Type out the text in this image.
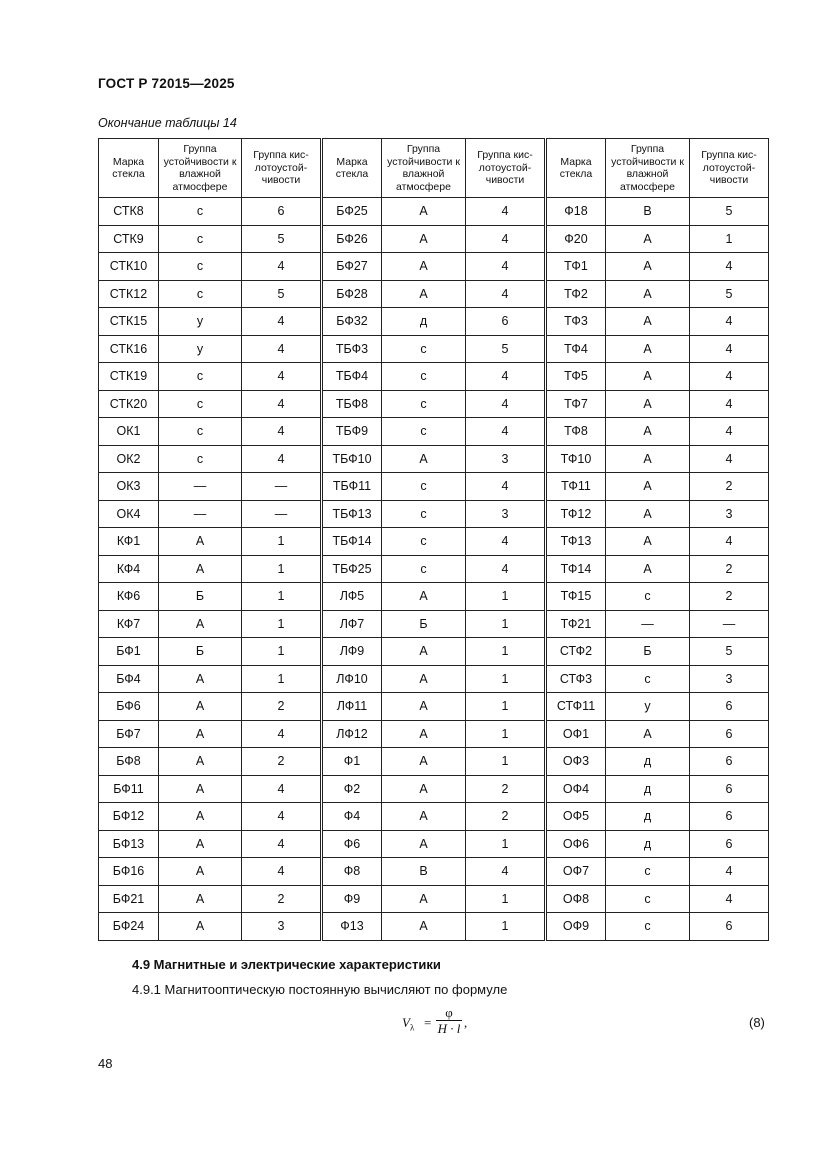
ГОСТ Р 72015—2025
Окончание таблицы 14
Марка стекла	Группа устойчивости к влажной атмосфере	Группа кис-лотоустой-чивости	Марка стекла	Группа устойчивости к влажной атмосфере	Группа кис-лотоустой-чивости	Марка стекла	Группа устойчивости к влажной атмосфере	Группа кис-лотоустой-чивости
СТК8	с	6	БФ25	А	4	Ф18	В	5
СТК9	с	5	БФ26	А	4	Ф20	А	1
СТК10	с	4	БФ27	А	4	ТФ1	А	4
СТК12	с	5	БФ28	А	4	ТФ2	А	5
СТК15	у	4	БФ32	д	6	ТФ3	А	4
СТК16	у	4	ТБФ3	с	5	ТФ4	А	4
СТК19	с	4	ТБФ4	с	4	ТФ5	А	4
СТК20	с	4	ТБФ8	с	4	ТФ7	А	4
ОК1	с	4	ТБФ9	с	4	ТФ8	А	4
ОК2	с	4	ТБФ10	А	3	ТФ10	А	4
ОК3	—	—	ТБФ11	с	4	ТФ11	А	2
ОК4	—	—	ТБФ13	с	3	ТФ12	А	3
КФ1	А	1	ТБФ14	с	4	ТФ13	А	4
КФ4	А	1	ТБФ25	с	4	ТФ14	А	2
КФ6	Б	1	ЛФ5	А	1	ТФ15	с	2
КФ7	А	1	ЛФ7	Б	1	ТФ21	—	—
БФ1	Б	1	ЛФ9	А	1	СТФ2	Б	5
БФ4	А	1	ЛФ10	А	1	СТФ3	с	3
БФ6	А	2	ЛФ11	А	1	СТФ11	у	6
БФ7	А	4	ЛФ12	А	1	ОФ1	А	6
БФ8	А	2	Ф1	А	1	ОФ3	д	6
БФ11	А	4	Ф2	А	2	ОФ4	д	6
БФ12	А	4	Ф4	А	2	ОФ5	д	6
БФ13	А	4	Ф6	А	1	ОФ6	д	6
БФ16	А	4	Ф8	В	4	ОФ7	с	4
БФ21	А	2	Ф9	А	1	ОФ8	с	4
БФ24	А	3	Ф13	А	1	ОФ9	с	6
4.9 Магнитные и электрические характеристики
4.9.1 Магнитооптическую постоянную вычисляют по формуле
$V_\lambda$ =
φ
H · l ,	(8)
48
